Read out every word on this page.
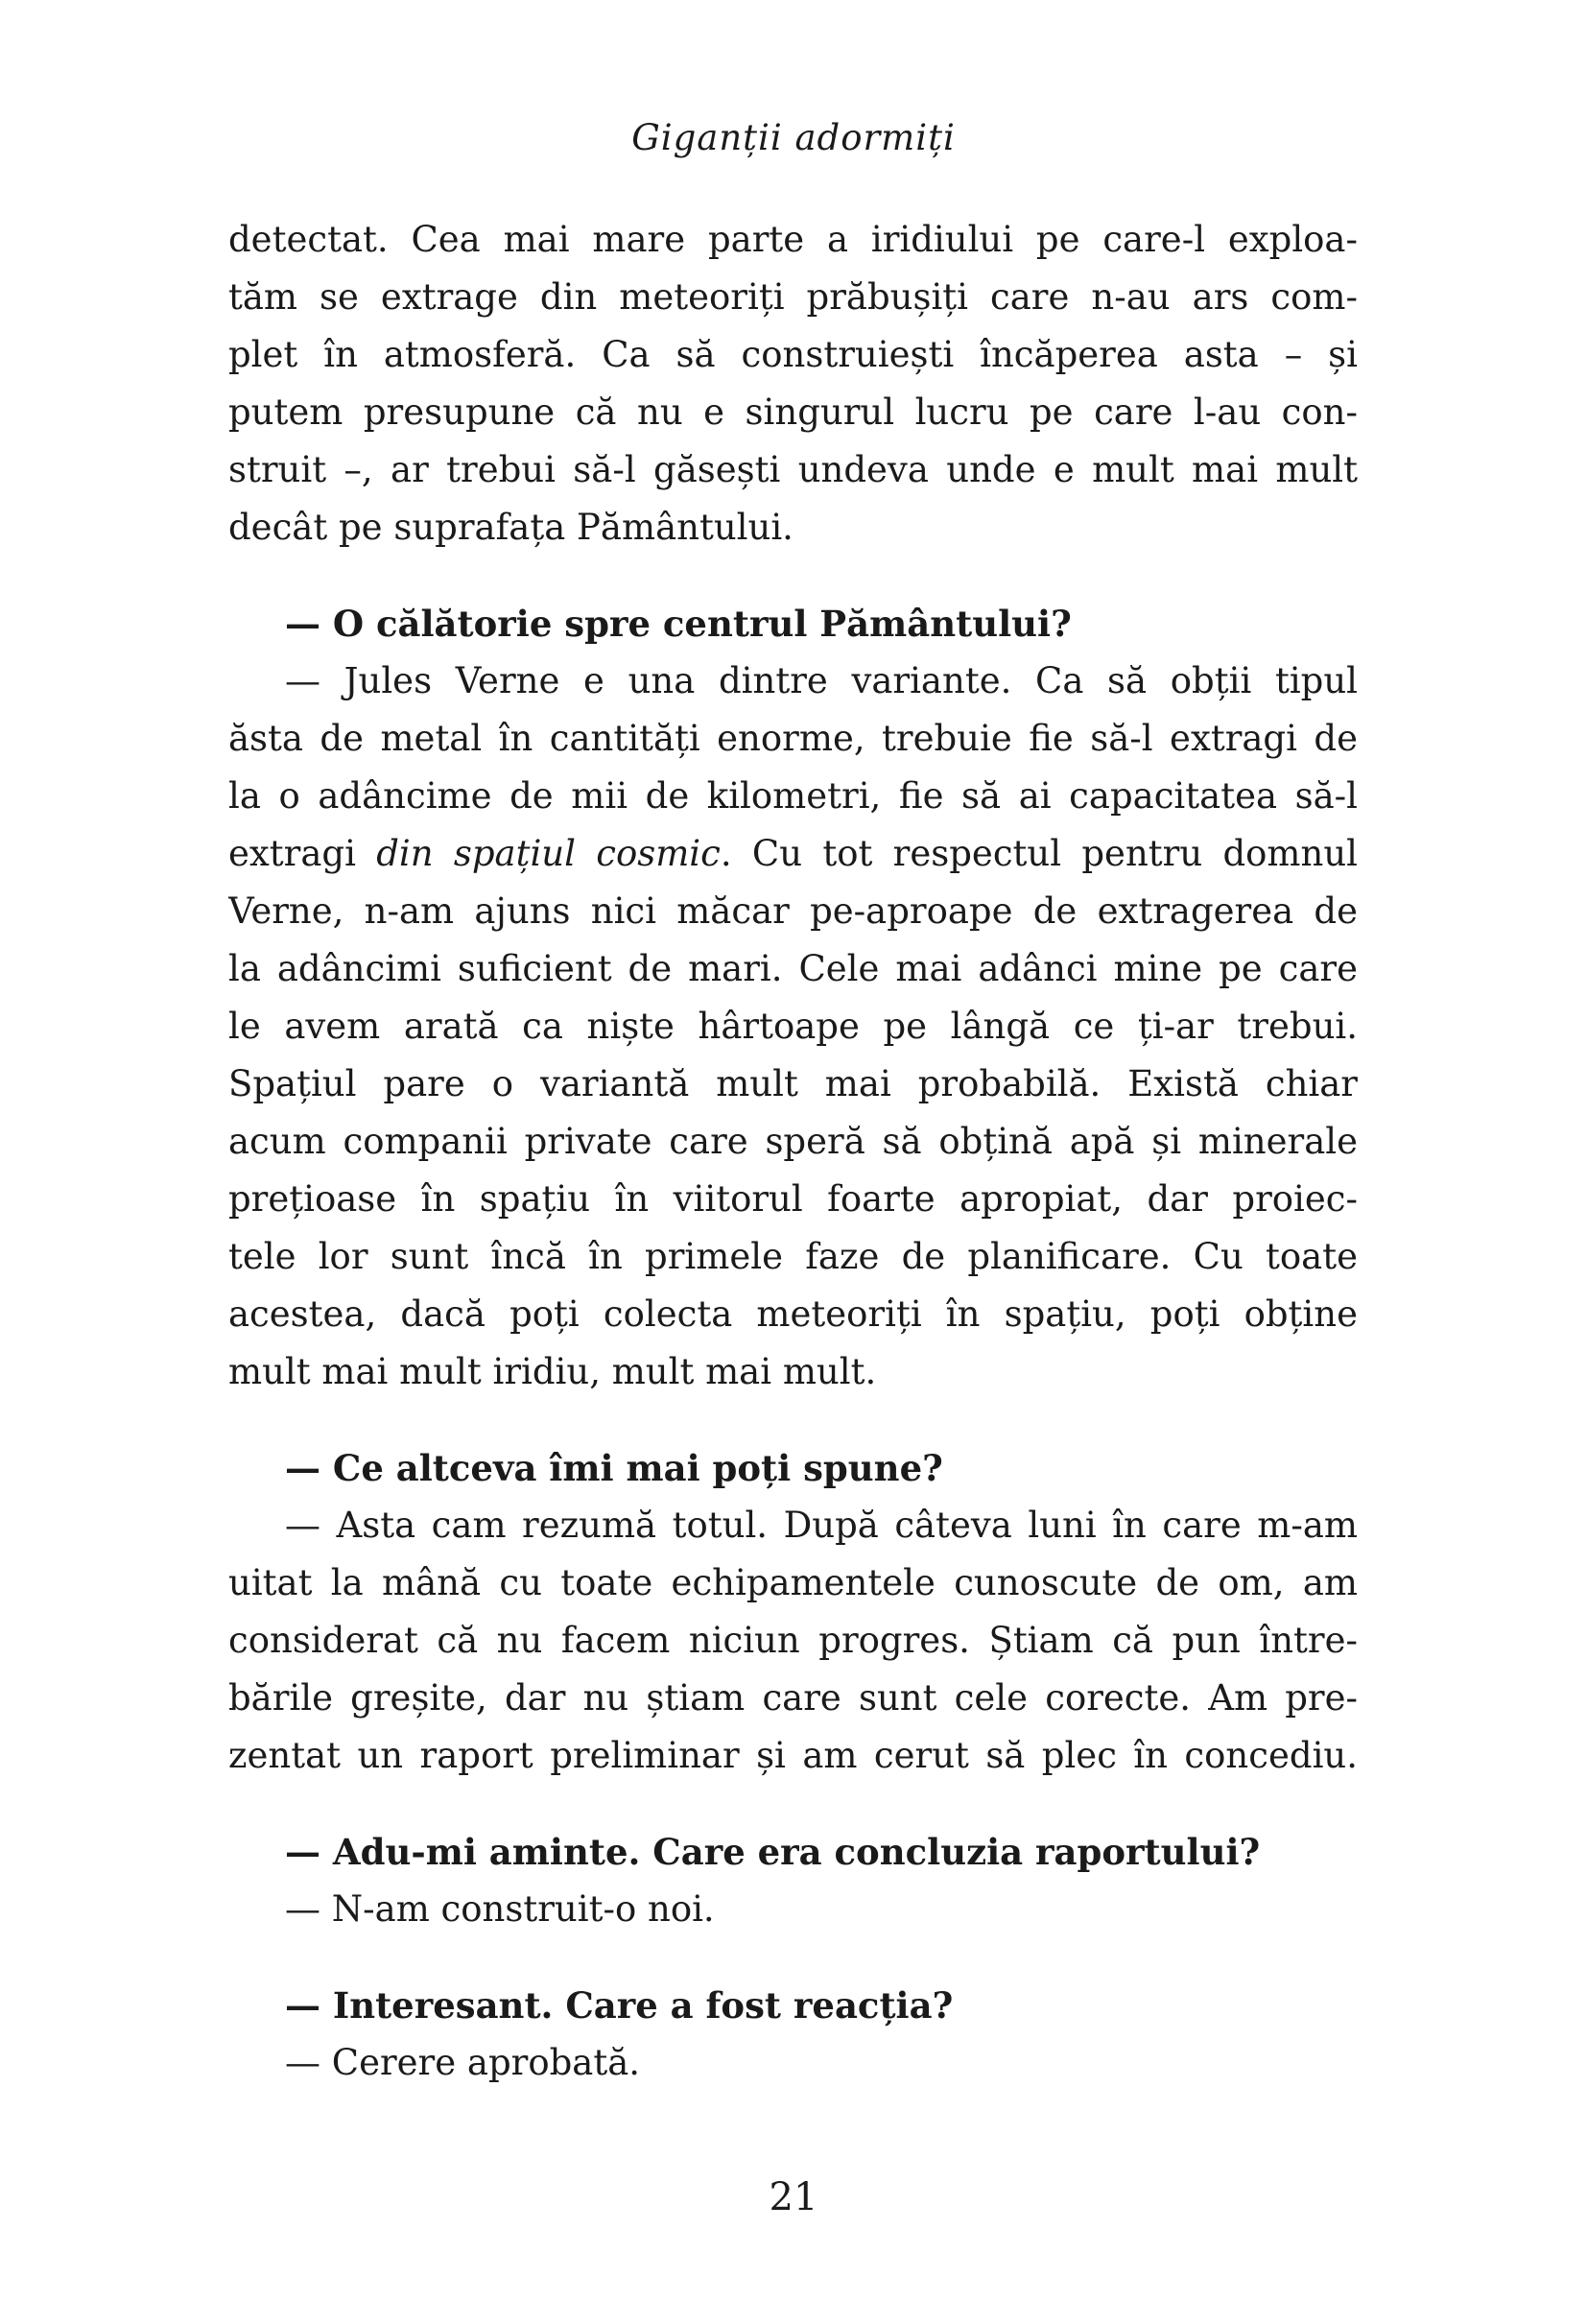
Giganții adormiți
detectat. Cea mai mare parte a iridiului pe care-l exploa-
tăm se extrage din meteoriți prăbușiți care n-au ars com-
plet în atmosferă. Ca să construiești încăperea asta – și
putem presupune că nu e singurul lucru pe care l-au con-
struit –, ar trebui să-l găsești undeva unde e mult mai mult
decât pe suprafața Pământului.
— O călătorie spre centrul Pământului?
— Jules Verne e una dintre variante. Ca să obții tipul
ăsta de metal în cantități enorme, trebuie fie să-l extragi de
la o adâncime de mii de kilometri, fie să ai capacitatea să-l
extragi din spațiul cosmic. Cu tot respectul pentru domnul
Verne, n-am ajuns nici măcar pe-aproape de extragerea de
la adâncimi suficient de mari. Cele mai adânci mine pe care
le avem arată ca niște hârtoape pe lângă ce ți-ar trebui.
Spațiul pare o variantă mult mai probabilă. Există chiar
acum companii private care speră să obțină apă și minerale
prețioase în spațiu în viitorul foarte apropiat, dar proiec-
tele lor sunt încă în primele faze de planificare. Cu toate
acestea, dacă poți colecta meteoriți în spațiu, poți obține
mult mai mult iridiu, mult mai mult.
— Ce altceva îmi mai poți spune?
— Asta cam rezumă totul. După câteva luni în care m-am
uitat la mână cu toate echipamentele cunoscute de om, am
considerat că nu facem niciun progres. Știam că pun între-
bările greșite, dar nu știam care sunt cele corecte. Am pre-
zentat un raport preliminar și am cerut să plec în concediu.
— Adu-mi aminte. Care era concluzia raportului?
— N-am construit-o noi.
— Interesant. Care a fost reacția?
— Cerere aprobată.
21
